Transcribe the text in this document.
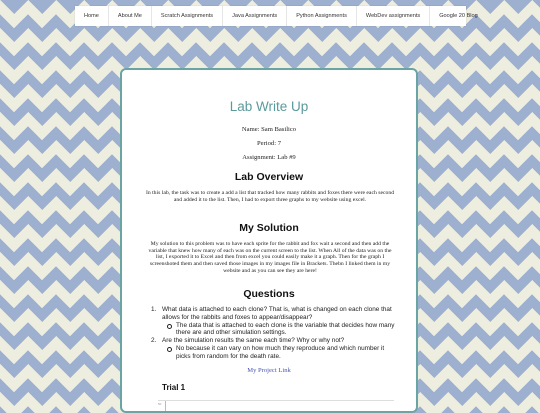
Home	About Me	Scratch Assignments	Java Assignments	Python Assignments	WebDev assignments	Google 20 Blog
Lab Write Up
Name: Sam Basilico
Period: 7
Assignment: Lab #9
Lab Overview
In this lab, the task was to create a add a list that tracked how many rabbits and foxes there were each second and added it to the list. Then, I had to export three graphs to my website using excel.
My Solution
My solution to this problem was to have each sprite for the rabbit and fox wait a second and then add the variable that knew how many of each was on the current screen to the list. When All of the data was on the list, I exported it to Excel and then from excel you could easily make it a graph. Then for the graph I screenshoted them and then saved those images in my images file in Brackets. Thebn I linked them in my website and as you can see they are here!
Questions
1. What data is attached to each clone? That is, what is changed on each clone that allows for the rabbits and foxes to appear/disappear?
The data that is attached to each clone is the variable that decides how many there are and other simulation settings.
2. Are the simulation results the same each time? Why or why not?
No because it can vary on how much they reproduce and which number it picks from random for the death rate.
My Project Link
Trial 1
50
